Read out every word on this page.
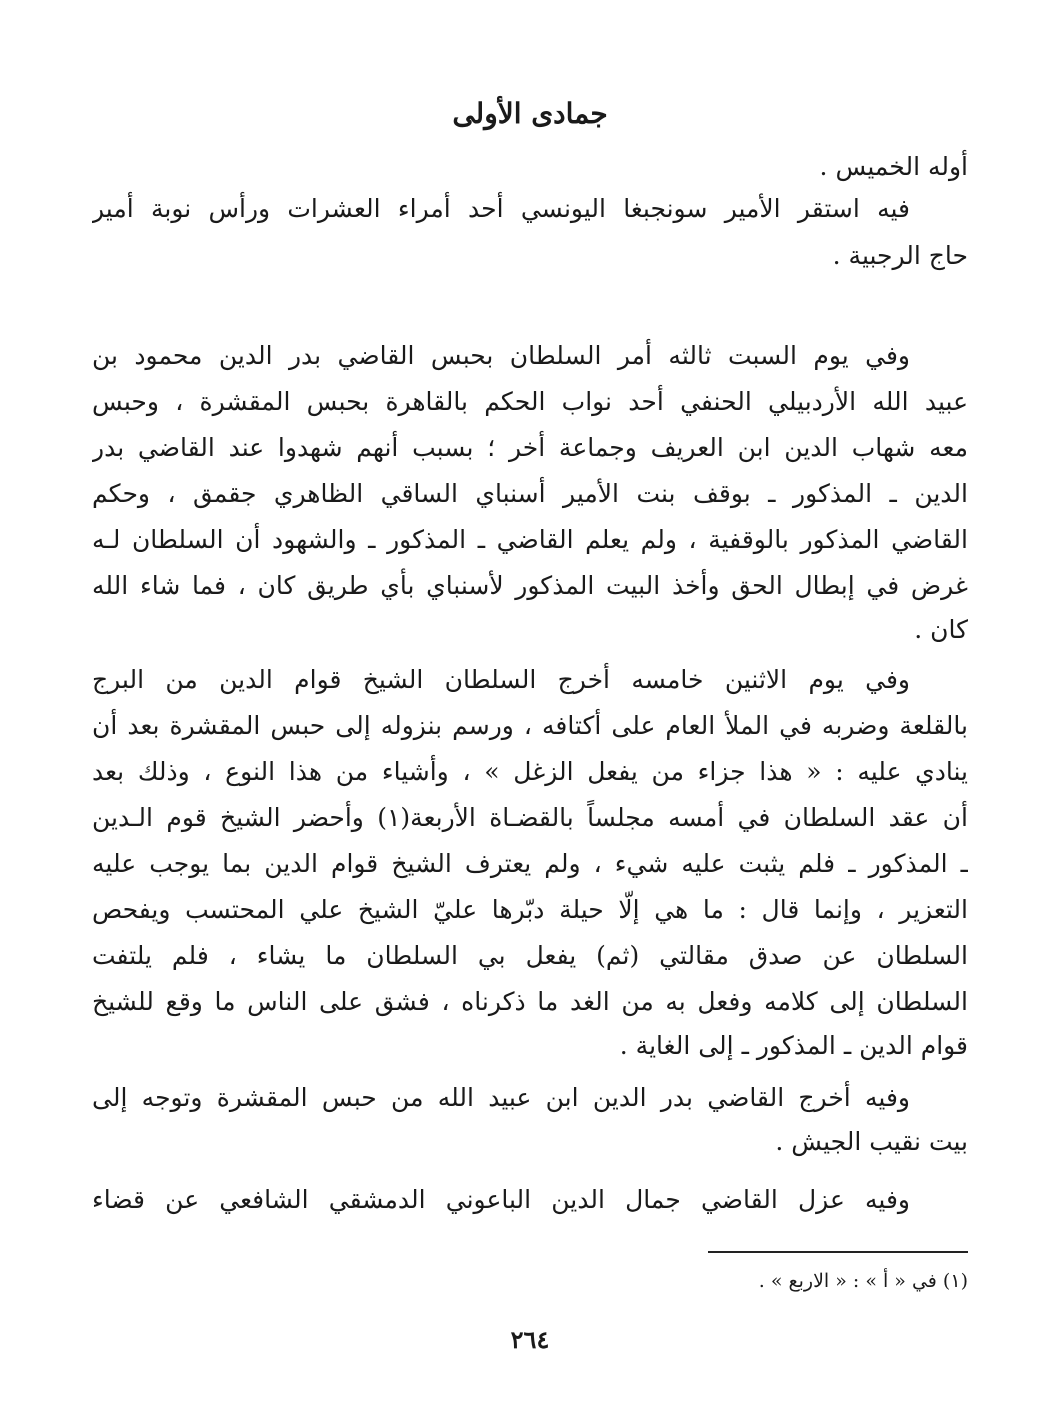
جمادى الأولى
أوله الخميس .
فيه استقر الأمير سونجبغا اليونسي أحد أمراء العشرات ورأس نوبة أمير
حاج الرجبية .
وفي يوم السبت ثالثه أمر السلطان بحبس القاضي بدر الدين محمود بن
عبيد الله الأردبيلي الحنفي أحد نواب الحكم بالقاهرة بحبس المقشرة ، وحبس
معه شهاب الدين ابن العريف وجماعة أخر ؛ بسبب أنهم شهدوا عند القاضي بدر
الدين ـ المذكور ـ بوقف بنت الأمير أسنباي الساقي الظاهري جقمق ، وحكم
القاضي المذكور بالوقفية ، ولم يعلم القاضي ـ المذكور ـ والشهود أن السلطان لـه
غرض في إبطال الحق وأخذ البيت المذكور لأسنباي بأي طريق كان ، فما شاء الله
كان .
وفي يوم الاثنين خامسه أخرج السلطان الشيخ قوام الدين من البرج
بالقلعة وضربه في الملأ العام على أكتافه ، ورسم بنزوله إلى حبس المقشرة بعد أن
ينادي عليه : « هذا جزاء من يفعل الزغل » ، وأشياء من هذا النوع ، وذلك بعد
أن عقد السلطان في أمسه مجلساً بالقضـاة الأربعة(١) وأحضر الشيخ قوم الـدين
ـ المذكور ـ فلم يثبت عليه شيء ، ولم يعترف الشيخ قوام الدين بما يوجب عليه
التعزير ، وإنما قال : ما هي إلّا حيلة دبّرها عليّ الشيخ علي المحتسب ويفحص
السلطان عن صدق مقالتي (ثم) يفعل بي السلطان ما يشاء ، فلم يلتفت
السلطان إلى كلامه وفعل به من الغد ما ذكرناه ، فشق على الناس ما وقع للشيخ
قوام الدين ـ المذكور ـ إلى الغاية .
وفيه أخرج القاضي بدر الدين ابن عبيد الله من حبس المقشرة وتوجه إلى
بيت نقيب الجيش .
وفيه عزل القاضي جمال الدين الباعوني الدمشقي الشافعي عن قضاء
(١) في « أ » : « الاربع » .
٢٦٤
